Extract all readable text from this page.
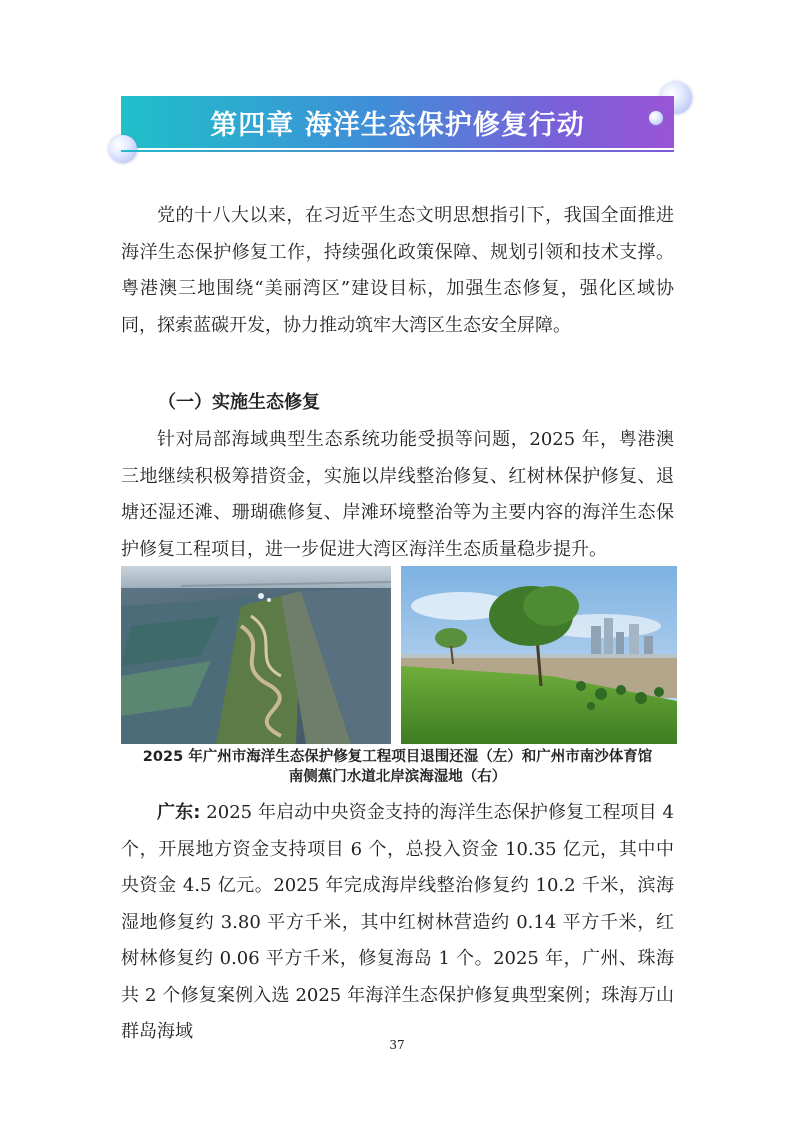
第四章 海洋生态保护修复行动

党的十八大以来，在习近平生态文明思想指引下，我国全面推进海洋生态保护修复工作，持续强化政策保障、规划引领和技术支撑。粤港澳三地围绕“美丽湾区”建设目标，加强生态修复，强化区域协同，探索蓝碳开发，协力推动筑牢大湾区生态安全屏障。

（一）实施生态修复

针对局部海域典型生态系统功能受损等问题，2025 年，粤港澳三地继续积极筹措资金，实施以岸线整治修复、红树林保护修复、退塘还湿还滩、珊瑚礁修复、岸滩环境整治等为主要内容的海洋生态保护修复工程项目，进一步促进大湾区海洋生态质量稳步提升。

2025 年广州市海洋生态保护修复工程项目退围还湿（左）和广州市南沙体育馆
南侧蕉门水道北岸滨海湿地（右）

广东: 2025 年启动中央资金支持的海洋生态保护修复工程项目 4 个，开展地方资金支持项目 6 个，总投入资金 10.35 亿元，其中中央资金 4.5 亿元。2025 年完成海岸线整治修复约 10.2 千米，滨海湿地修复约 3.80 平方千米，其中红树林营造约 0.14 平方千米，红树林修复约 0.06 平方千米，修复海岛 1 个。2025 年，广州、珠海共 2 个修复案例入选 2025 年海洋生态保护修复典型案例；珠海万山群岛海域

37
